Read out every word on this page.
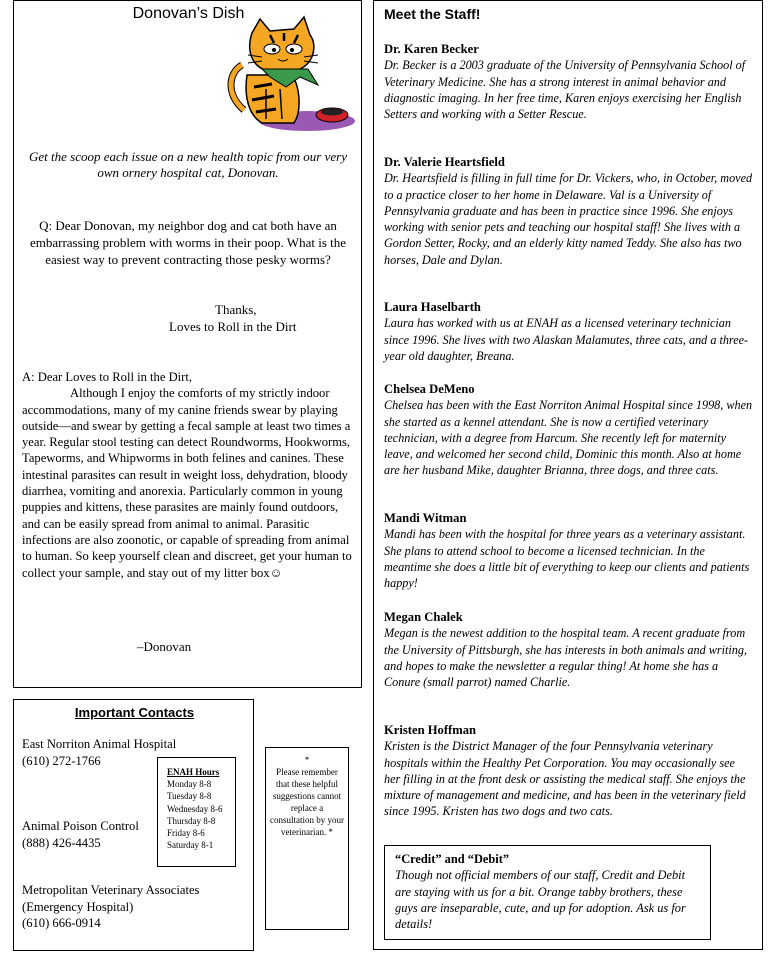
Donovan’s Dish
Get the scoop each issue on a new health topic from our very own ornery hospital cat, Donovan.
Q: Dear Donovan, my neighbor dog and cat both have an embarrassing problem with worms in their poop. What is the easiest way to prevent contracting those pesky worms?
Thanks,
Loves to Roll in the Dirt

A: Dear Loves to Roll in the Dirt,

Although I enjoy the comforts of my strictly indoor accommodations, many of my canine friends swear by playing outside—and swear by getting a fecal sample at least two times a year. Regular stool testing can detect Roundworms, Hookworms, Tapeworms, and Whipworms in both felines and canines. These intestinal parasites can result in weight loss, dehydration, bloody diarrhea, vomiting and anorexia. Particularly common in young puppies and kittens, these parasites are mainly found outdoors, and can be easily spread from animal to animal. Parasitic infections are also zoonotic, or capable of spreading from animal to human. So keep yourself clean and discreet, get your human to collect your sample, and stay out of my litter box☺

–Donovan
Important Contacts
East Norriton Animal Hospital
(610) 272-1766
Animal Poison Control
(888) 426-4435
Metropolitan Veterinary Associates
(Emergency Hospital)
(610) 666-0914
ENAH Hours
Monday 8-8
Tuesday 8-8
Wednesday 8-6
Thursday 8-8
Friday 8-6
Saturday 8-1
*
Please remember that these helpful suggestions cannot replace a consultation by your veterinarian. *
Meet the Staff!
Dr. Karen Becker
Dr. Becker is a 2003 graduate of the University of Pennsylvania School of Veterinary Medicine. She has a strong interest in animal behavior and diagnostic imaging. In her free time, Karen enjoys exercising her English Setters and working with a Setter Rescue.
Dr. Valerie Heartsfield
Dr. Heartsfield is filling in full time for Dr. Vickers, who, in October, moved to a practice closer to her home in Delaware. Val is a University of Pennsylvania graduate and has been in practice since 1996. She enjoys working with senior pets and teaching our hospital staff! She lives with a Gordon Setter, Rocky, and an elderly kitty named Teddy. She also has two horses, Dale and Dylan.
Laura Haselbarth
Laura has worked with us at ENAH as a licensed veterinary technician since 1996. She lives with two Alaskan Malamutes, three cats, and a three-year old daughter, Breana.
Chelsea DeMeno
Chelsea has been with the East Norriton Animal Hospital since 1998, when she started as a kennel attendant. She is now a certified veterinary technician, with a degree from Harcum. She recently left for maternity leave, and welcomed her second child, Dominic this month. Also at home are her husband Mike, daughter Brianna, three dogs, and three cats.
Mandi Witman
Mandi has been with the hospital for three years as a veterinary assistant. She plans to attend school to become a licensed technician. In the meantime she does a little bit of everything to keep our clients and patients happy!
Megan Chalek
Megan is the newest addition to the hospital team. A recent graduate from the University of Pittsburgh, she has interests in both animals and writing, and hopes to make the newsletter a regular thing! At home she has a Conure (small parrot) named Charlie.
Kristen Hoffman
Kristen is the District Manager of the four Pennsylvania veterinary hospitals within the Healthy Pet Corporation. You may occasionally see her filling in at the front desk or assisting the medical staff. She enjoys the mixture of management and medicine, and has been in the veterinary field since 1995. Kristen has two dogs and two cats.
“Credit” and “Debit”
Though not official members of our staff, Credit and Debit are staying with us for a bit. Orange tabby brothers, these guys are inseparable, cute, and up for adoption. Ask us for details!
